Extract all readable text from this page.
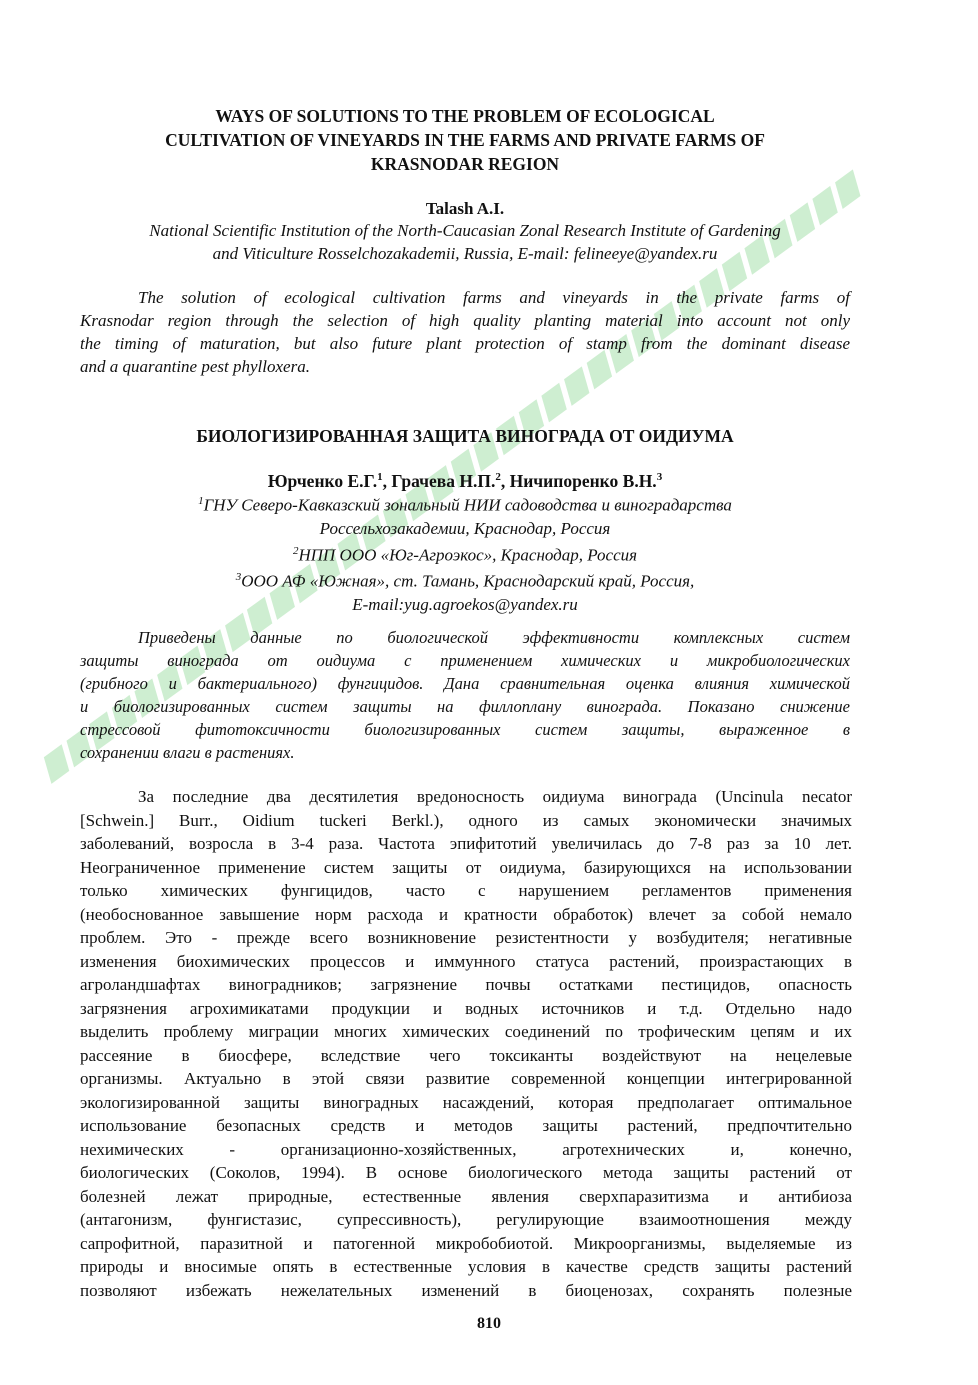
WAYS OF SOLUTIONS TO THE PROBLEM OF ECOLOGICAL
CULTIVATION OF VINEYARDS IN THE FARMS AND PRIVATE FARMS OF
KRASNODAR REGION
Talash A.I.
National Scientific Institution of the North-Caucasian Zonal Research Institute of Gardening
and Viticulture Rosselchozakademii, Russia, E-mail: felineeye@yandex.ru
The solution of ecological cultivation farms and vineyards in the private farms of
Krasnodar region through the selection of high quality planting material into account not only
the timing of maturation, but also future plant protection of stamp from the dominant disease
and a quarantine pest phylloxera.
БИОЛОГИЗИРОВАННАЯ ЗАЩИТА ВИНОГРАДА ОТ ОИДИУМА
Юрченко Е.Г.$^1$, Грачева Н.П.$^2$, Ничипоренко В.Н.$^3$
$^1$ГНУ Северо-Кавказский зональный НИИ садоводства и виноградарства
Россельхозакадемии, Краснодар, Россия
$^2$НПП ООО «Юг-Агроэкос», Краснодар, Россия
$^3$ООО АФ «Южная», ст. Тамань, Краснодарский край, Россия,
E-mail:yug.agroekos@yandex.ru
Приведены данные по биологической эффективности комплексных систем
защиты винограда от оидиума с применением химических и микробиологических
(грибного и бактериального) фунгицидов. Дана сравнительная оценка влияния химической
и биологизированных систем защиты на филлоплану винограда. Показано снижение
стрессовой фитотоксичности биологизированных систем защиты, выраженное в
сохранении влаги в растениях.
За последние два десятилетия вредоносность оидиума винограда (Uncinula necator
[Schwein.] Burr., Oidium tuckeri Berkl.), одного из самых экономически значимых
заболеваний, возросла в 3-4 раза. Частота эпифитотий увеличилась до 7-8 раз за 10 лет.
Неограниченное применение систем защиты от оидиума, базирующихся на использовании
только химических фунгицидов, часто с нарушением регламентов применения
(необоснованное завышение норм расхода и кратности обработок) влечет за собой немало
проблем. Это - прежде всего возникновение резистентности у возбудителя; негативные
изменения биохимических процессов и иммунного статуса растений, произрастающих в
агроландшафтах виноградников; загрязнение почвы остатками пестицидов, опасность
загрязнения агрохимикатами продукции и водных источников и т.д. Отдельно надо
выделить проблему миграции многих химических соединений по трофическим цепям и их
рассеяние в биосфере, вследствие чего токсиканты воздействуют на нецелевые
организмы. Актуально в этой связи развитие современной концепции интегрированной
экологизированной защиты виноградных насаждений, которая предполагает оптимальное
использование безопасных средств и методов защиты растений, предпочтительно
нехимических - организационно-хозяйственных, агротехнических и, конечно,
биологических (Соколов, 1994). В основе биологического метода защиты растений от
болезней лежат природные, естественные явления сверхпаразитизма и антибиоза
(антагонизм, фунгистазис, супрессивность), регулирующие взаимоотношения между
сапрофитной, паразитной и патогенной микробобиотой. Микроорганизмы, выделяемые из
природы и вносимые опять в естественные условия в качестве средств защиты растений
позволяют избежать нежелательных изменений в биоценозах, сохранять полезные
810
